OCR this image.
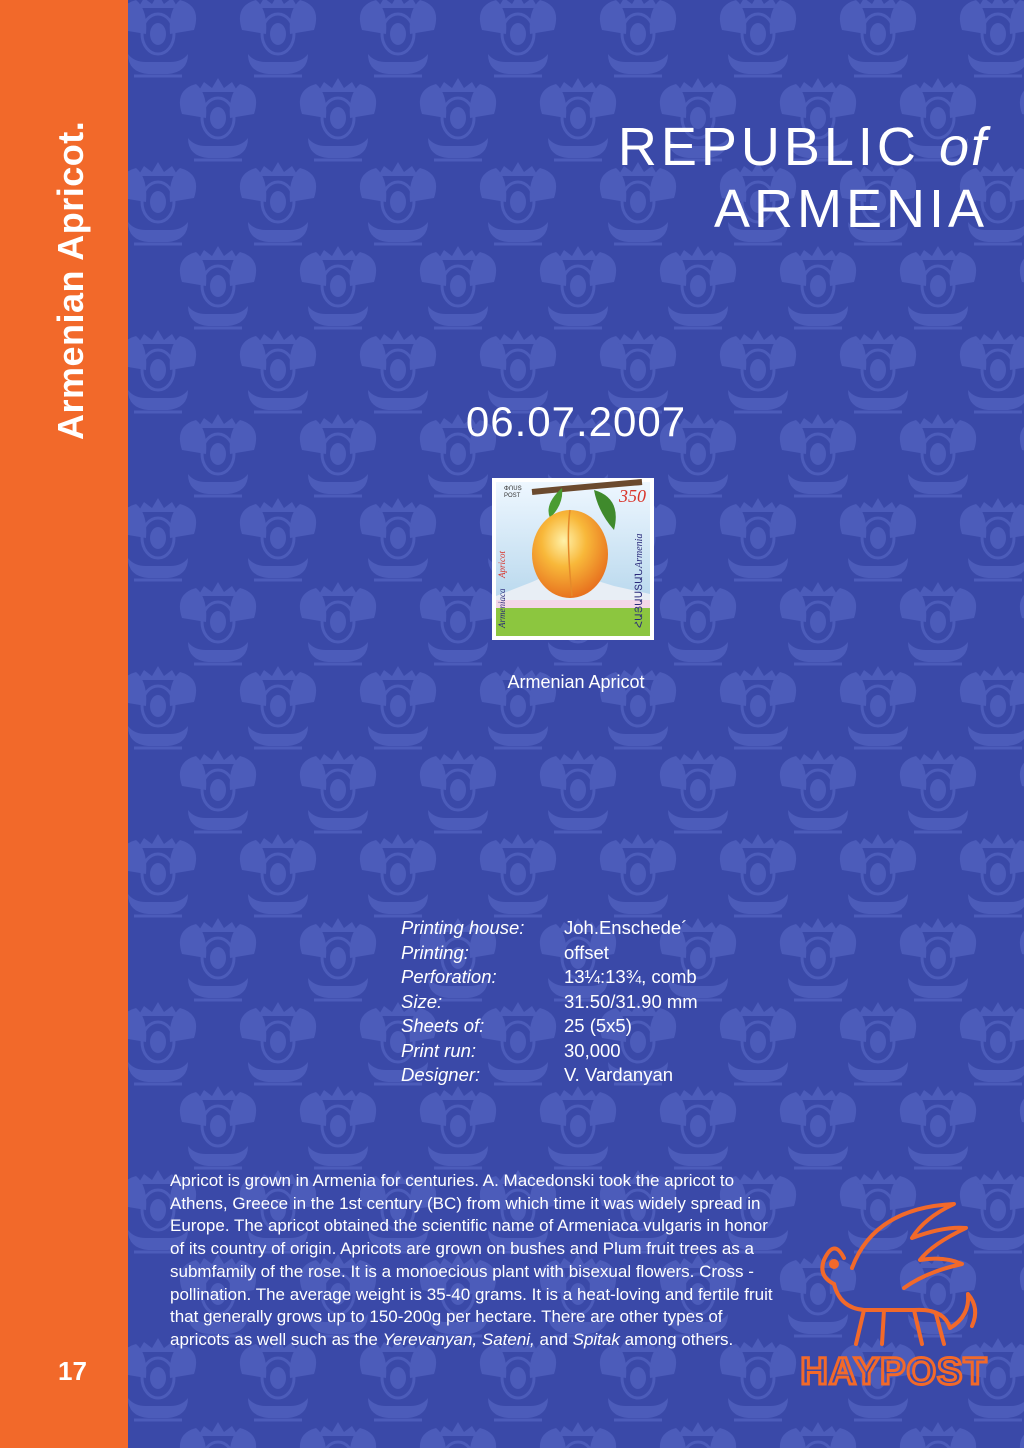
Armenian Apricot.
17
REPUBLIC of
ARMENIA
06.07.2007
350
ՓՈՍՏ
POST
ՀԱՅԱՍՏԱՆ
Armenia
Armeniaca
Apricot
Armenian Apricot
Printing house:	Joh.Enschede´
Printing:	offset
Perforation:	13¼:13¾, comb
Size:	31.50/31.90 mm
Sheets of:	25 (5x5)
Print run:	30,000
Designer:	V. Vardanyan

Apricot is grown in Armenia for centuries. A. Macedonski took the apricot to Athens, Greece in the 1st century (BC) from which time it was widely spread in Europe. The apricot obtained the scientific name of Armeniaca vulgaris in honor of its country of origin. Apricots are grown on bushes and Plum fruit trees as a submfamily of the rose. It is a monoecious plant with bisexual flowers. Cross - pollination. The average weight is 35-40 grams. It is a heat-loving and fertile fruit that generally grows up to 150-200g per hectare. There are other types of apricots as well such as the Yerevanyan, Sateni, and Spitak among others.

HAYPOST
